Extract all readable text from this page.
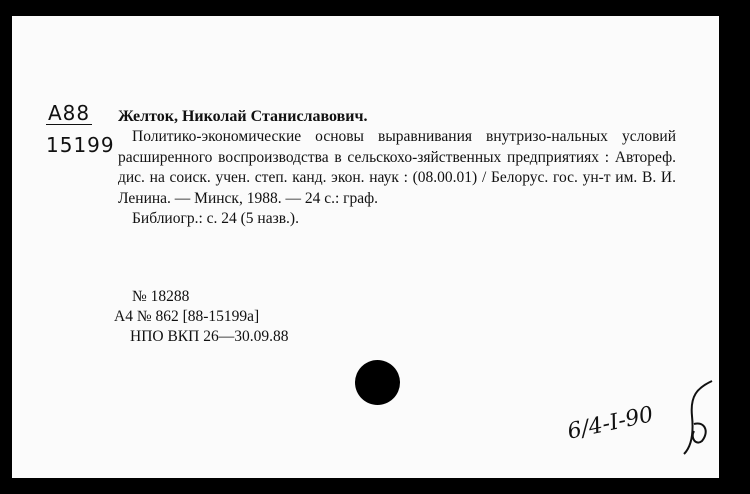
А88
15199
Желток, Николай Станиславович.

Политико-экономические основы выравнивания внутризо-нальных условий расширенного воспроизводства в сельскохо-зяйственных предприятиях : Автореф. дис. на соиск. учен. степ. канд. экон. наук : (08.00.01) / Белорус. гос. ун-т им. В. И. Ленина. — Минск, 1988. — 24 с.: граф.

Библиогр.: с. 24 (5 назв.).

№ 18288
А4 № 862 [88-15199а]
НПО ВКП 26—30.09.88
6/4-I-90
